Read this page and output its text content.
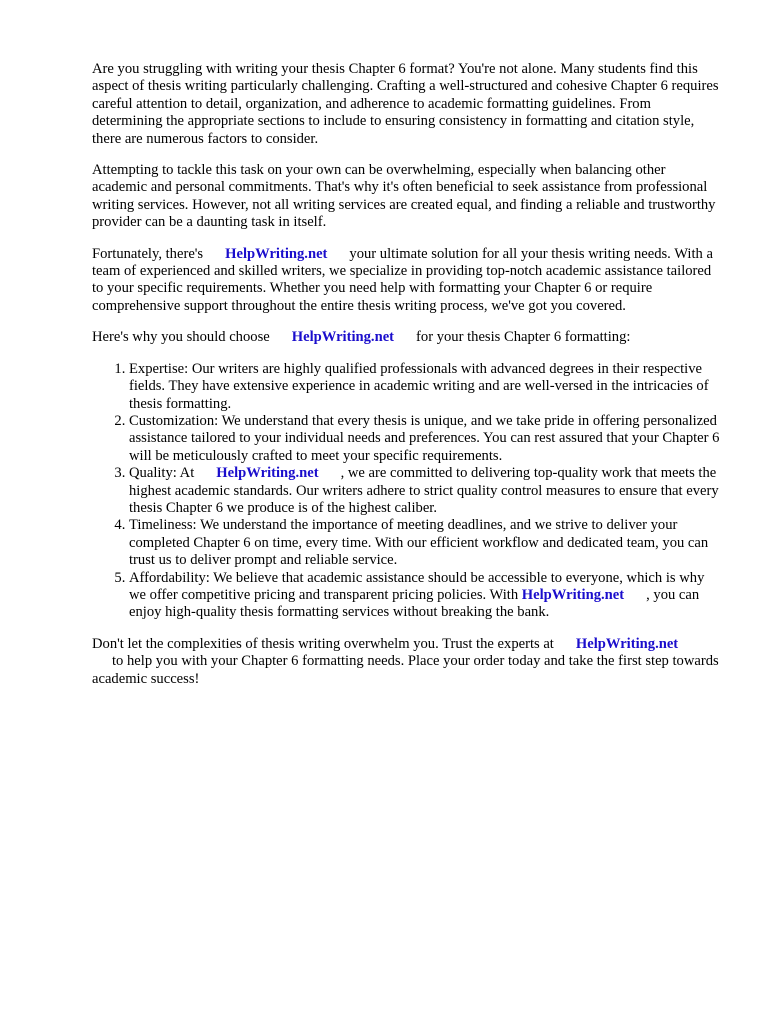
Are you struggling with writing your thesis Chapter 6 format? You're not alone. Many students find this aspect of thesis writing particularly challenging. Crafting a well-structured and cohesive Chapter 6 requires careful attention to detail, organization, and adherence to academic formatting guidelines. From determining the appropriate sections to include to ensuring consistency in formatting and citation style, there are numerous factors to consider.

Attempting to tackle this task on your own can be overwhelming, especially when balancing other academic and personal commitments. That's why it's often beneficial to seek assistance from professional writing services. However, not all writing services are created equal, and finding a reliable and trustworthy provider can be a daunting task in itself.

Fortunately, there's HelpWriting.net your ultimate solution for all your thesis writing needs. With a team of experienced and skilled writers, we specialize in providing top-notch academic assistance tailored to your specific requirements. Whether you need help with formatting your Chapter 6 or require comprehensive support throughout the entire thesis writing process, we've got you covered.

Here's why you should choose HelpWriting.net for your thesis Chapter 6 formatting:

1. Expertise: Our writers are highly qualified professionals with advanced degrees in their respective fields. They have extensive experience in academic writing and are well-versed in the intricacies of thesis formatting.
2. Customization: We understand that every thesis is unique, and we take pride in offering personalized assistance tailored to your individual needs and preferences. You can rest assured that your Chapter 6 will be meticulously crafted to meet your specific requirements.
3. Quality: At HelpWriting.net , we are committed to delivering top-quality work that meets the highest academic standards. Our writers adhere to strict quality control measures to ensure that every thesis Chapter 6 we produce is of the highest caliber.
4. Timeliness: We understand the importance of meeting deadlines, and we strive to deliver your completed Chapter 6 on time, every time. With our efficient workflow and dedicated team, you can trust us to deliver prompt and reliable service.
5. Affordability: We believe that academic assistance should be accessible to everyone, which is why we offer competitive pricing and transparent pricing policies. With HelpWriting.net , you can enjoy high-quality thesis formatting services without breaking the bank.

Don't let the complexities of thesis writing overwhelm you. Trust the experts at HelpWriting.net
to help you with your Chapter 6 formatting needs. Place your order today and take the first step towards academic success!
